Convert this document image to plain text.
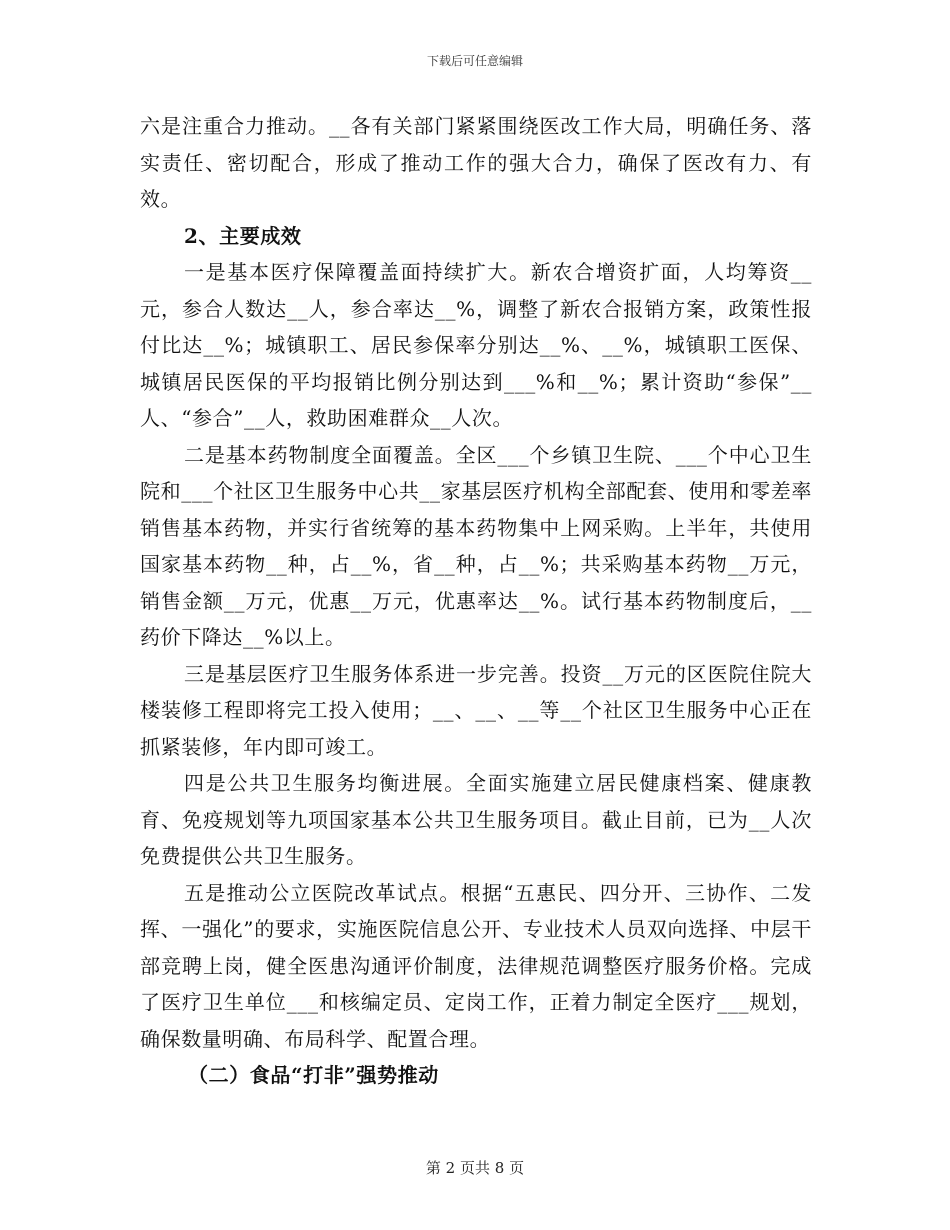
下载后可任意编辑

六是注重合力推动。__各有关部门紧紧围绕医改工作大局，明确任务、落实责任、密切配合，形成了推动工作的强大合力，确保了医改有力、有效。

2、主要成效

一是基本医疗保障覆盖面持续扩大。新农合增资扩面，人均筹资__元，参合人数达__人，参合率达__%，调整了新农合报销方案，政策性报付比达__%；城镇职工、居民参保率分别达__%、__%，城镇职工医保、城镇居民医保的平均报销比例分别达到___%和__%；累计资助“参保”__人、“参合”__人，救助困难群众__人次。

二是基本药物制度全面覆盖。全区___个乡镇卫生院、___个中心卫生院和___个社区卫生服务中心共__家基层医疗机构全部配套、使用和零差率销售基本药物，并实行省统筹的基本药物集中上网采购。上半年，共使用国家基本药物__种，占__%，省__种，占__%；共采购基本药物__万元，销售金额__万元，优惠__万元，优惠率达__%。试行基本药物制度后，__药价下降达__%以上。

三是基层医疗卫生服务体系进一步完善。投资__万元的区医院住院大楼装修工程即将完工投入使用；__、__、__等__个社区卫生服务中心正在抓紧装修，年内即可竣工。

四是公共卫生服务均衡进展。全面实施建立居民健康档案、健康教育、免疫规划等九项国家基本公共卫生服务项目。截止目前，已为__人次免费提供公共卫生服务。

五是推动公立医院改革试点。根据“五惠民、四分开、三协作、二发挥、一强化”的要求，实施医院信息公开、专业技术人员双向选择、中层干部竞聘上岗，健全医患沟通评价制度，法律规范调整医疗服务价格。完成了医疗卫生单位___和核编定员、定岗工作，正着力制定全医疗___规划，确保数量明确、布局科学、配置合理。

（二）食品“打非”强势推动

第 2 页共 8 页
